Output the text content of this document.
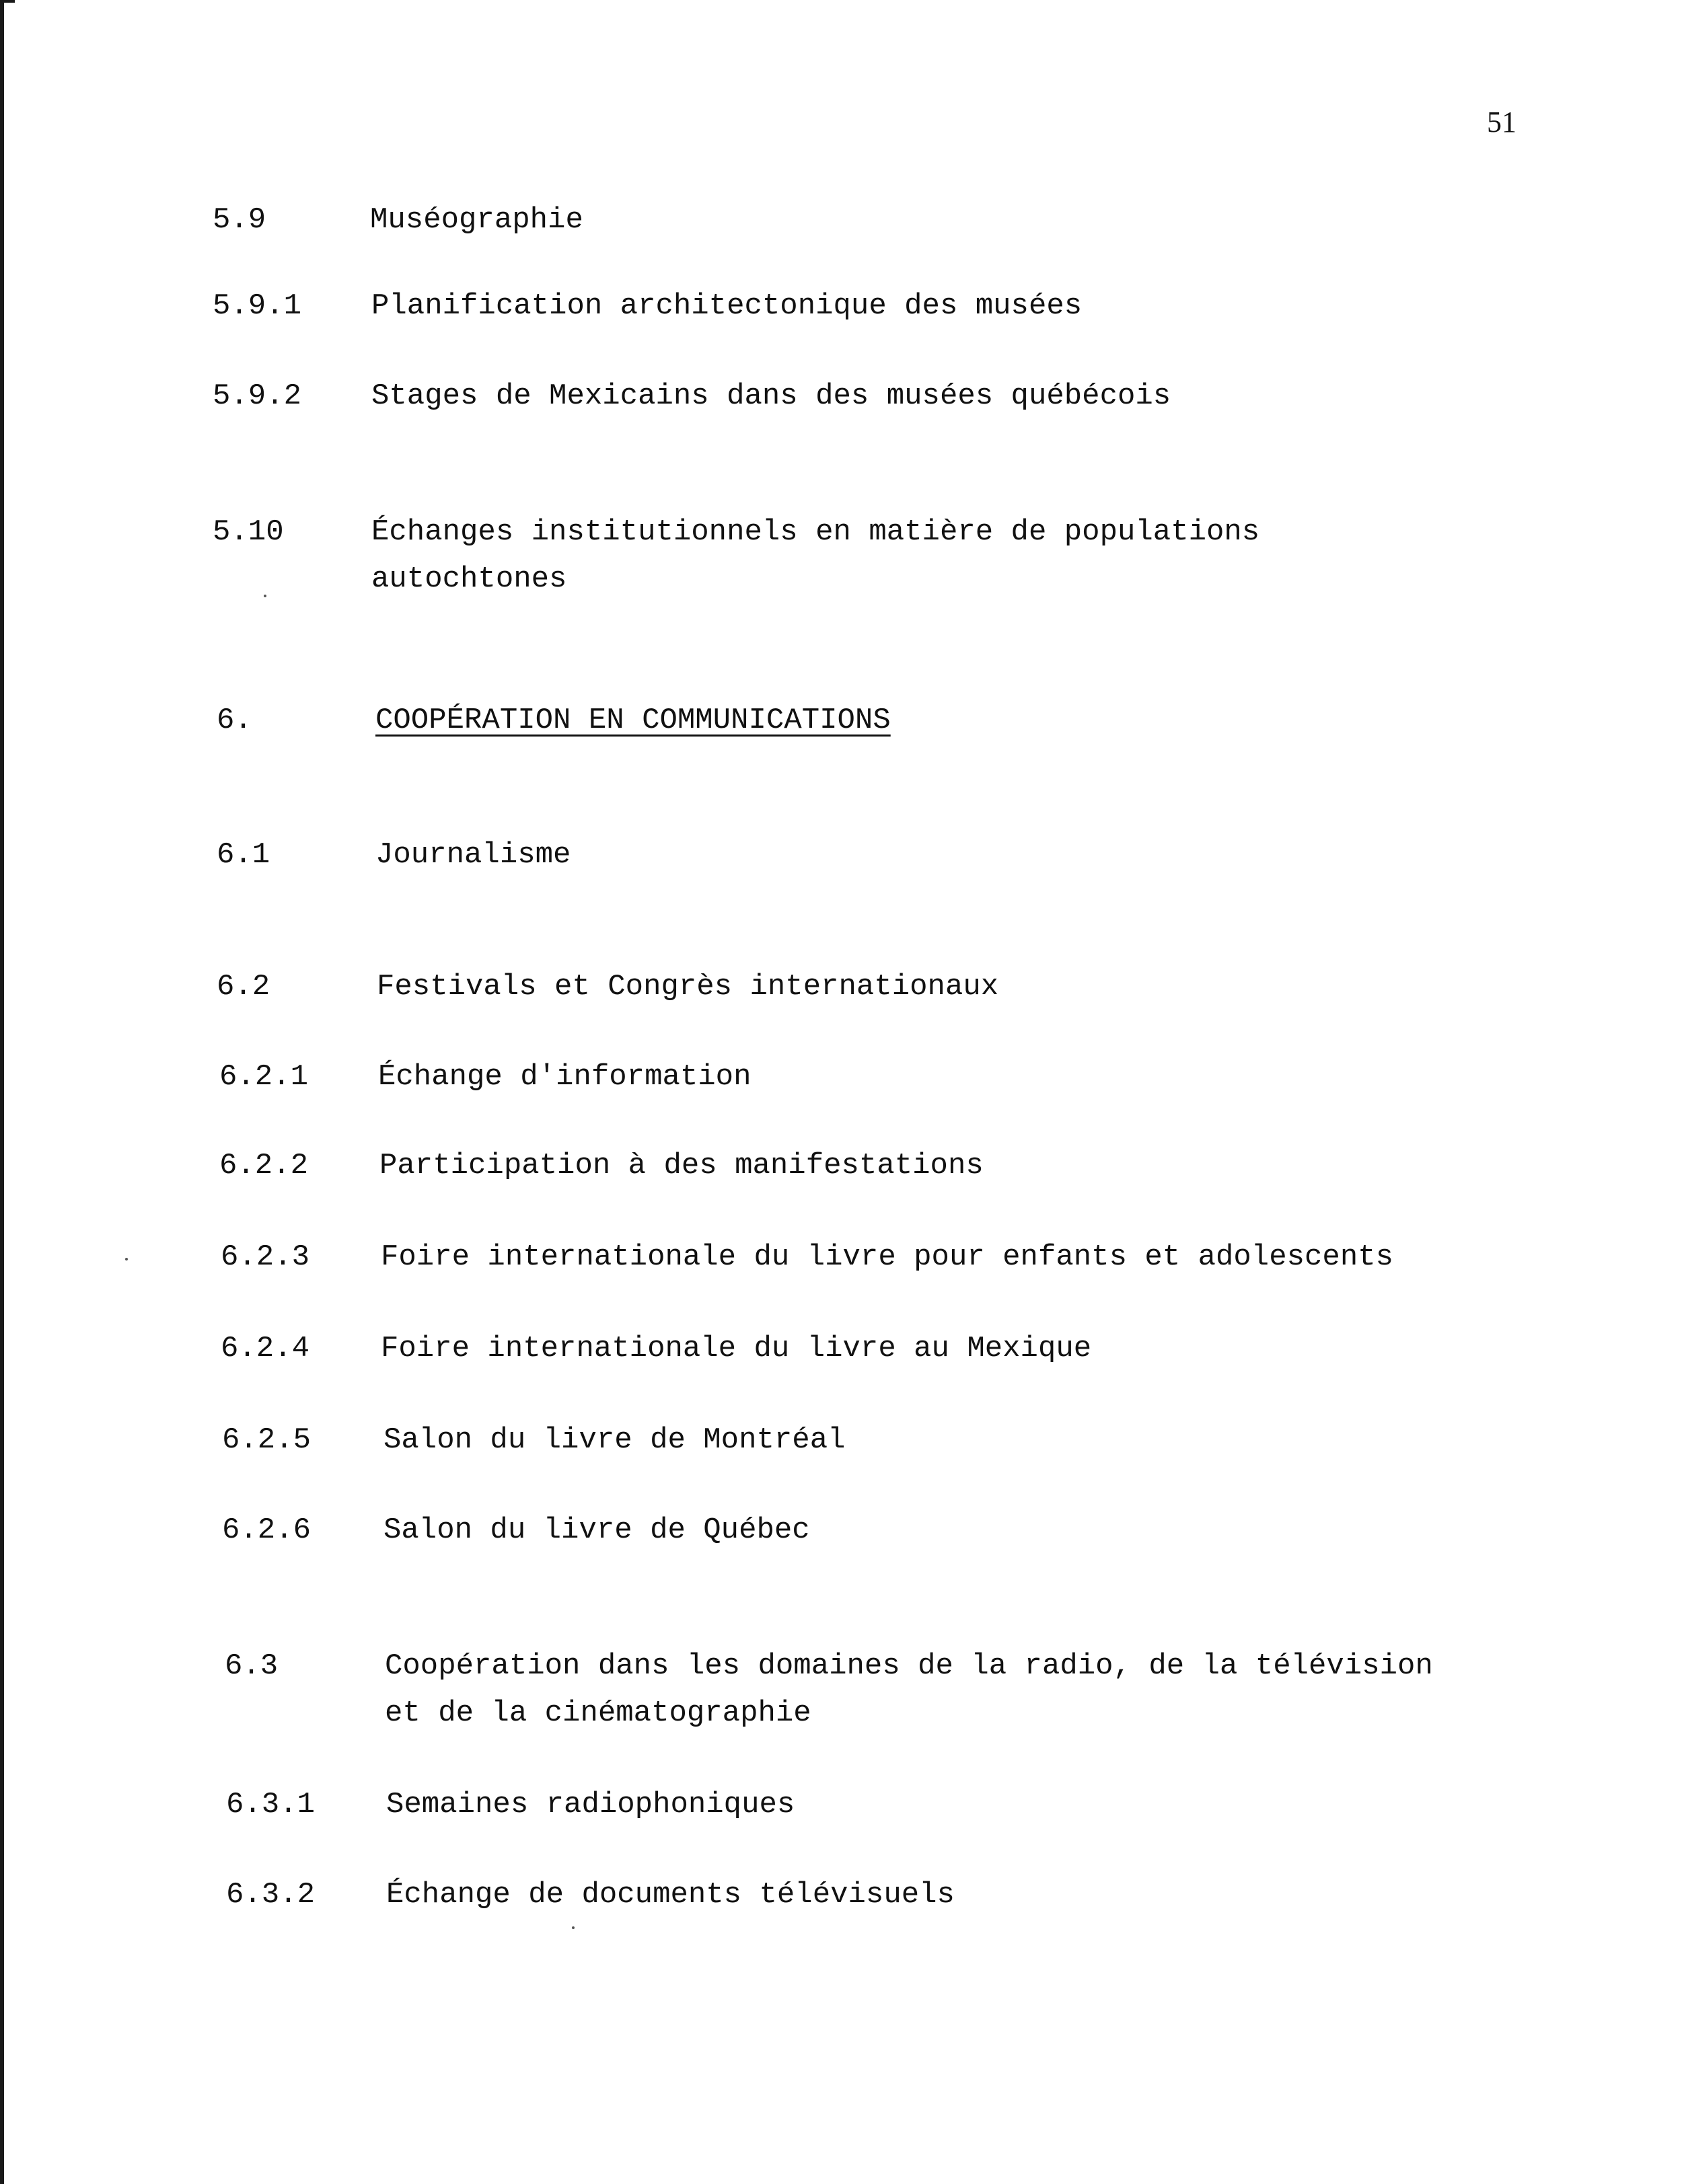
51
5.9	Muséographie
5.9.1 Planification architectonique des musées
5.9.2 Stages de Mexicains dans des musées québécois
5.10	Échanges institutionnels en matière de populations
autochtones
6.	COOPÉRATION EN COMMUNICATIONS
6.1	Journalisme
6.2	Festivals et Congrès internationaux
6.2.1 Échange d'information
6.2.2 Participation à des manifestations
6.2.3 Foire internationale du livre pour enfants et adolescents
6.2.4 Foire internationale du livre au Mexique
6.2.5 Salon du livre de Montréal
6.2.6 Salon du livre de Québec
6.3	Coopération dans les domaines de la radio, de la télévision
et de la cinématographie
6.3.1 Semaines radiophoniques
6.3.2 Échange de documents télévisuels
